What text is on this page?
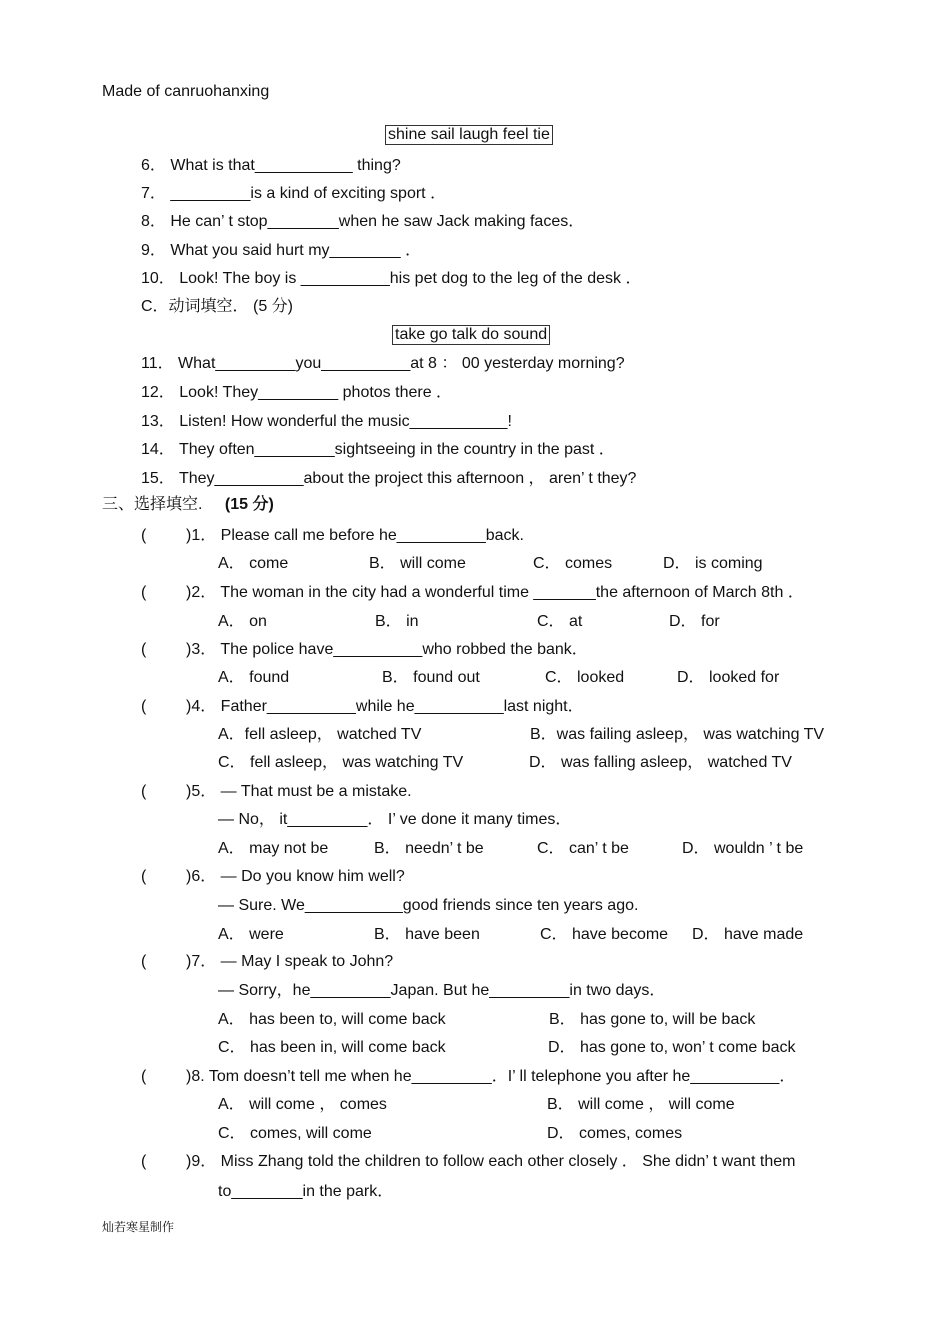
Made of canruohanxing
shine sail laugh feel tie
6． What is that___________ thing?
7． _________is a kind of exciting sport ．
8． He can’ t stop________when he saw Jack making faces．
9． What you said hurt my________ ．
10． Look! The boy is __________his pet dog to the leg of the desk ．
C．动词填空． (5 分)
take go talk do sound
11． What_________you__________at 8 ： 00 yesterday morning?
12． Look! They_________ photos there ．
13． Listen! How wonderful the music___________!
14． They often_________sightseeing in the country in the past ．
15． They__________about the project this afternoon ， aren’ t they?
三、选择填空. (15 分)
( )1． Please call me before he__________back.
A． come	B． will come	C． comes	D． is coming
( )2． The woman in the city had a wonderful time _______the afternoon of March 8th ．
A． on	B． in	C． at	D． for
( )3． The police have__________who robbed the bank．
A． found	B． found out	C． looked	D． looked for
( )4． Father__________while he__________last night．
A．fell asleep， watched TV	B．was failing asleep， was watching TV
C． fell asleep， was watching TV	D． was falling asleep， watched TV
( )5． — That must be a mistake.
— No， it_________． I’ ve done it many times．
A． may not be	B． needn’ t be	C． can’ t be	D． wouldn ’ t be
( )6． — Do you know him well?
— Sure. We___________good friends since ten years ago.
A． were	B． have been	C． have become D． have made
( )7． — May I speak to John?
— Sorry，he_________Japan. But he_________in two days．
A． has been to, will come back	B． has gone to, will be back
C． has been in, will come back	D． has gone to, won’ t come back
( )8. Tom doesn’t tell me when he_________．I’ ll telephone you after he__________．
A． will come ， comes	B． will come ， will come
C． comes, will come	D． comes, comes
( )9． Miss Zhang told the children to follow each other closely ． She didn’ t want them
to________in the park．
灿若寒星制作
